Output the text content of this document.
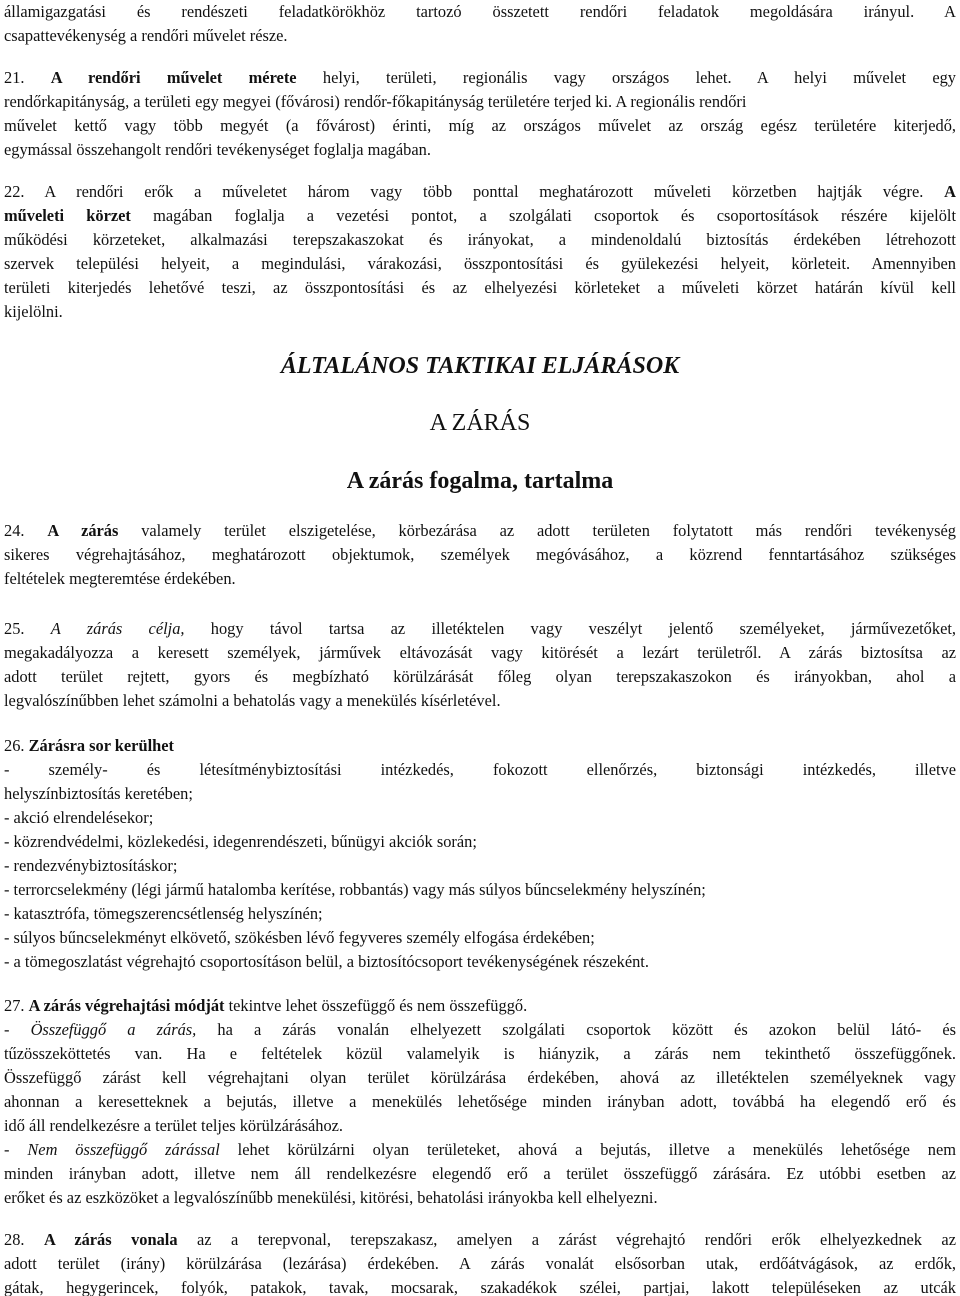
államigazgatási és rendészeti feladatkörökhöz tartozó összetett rendőri feladatok megoldására irányul. A
csapattevékenység a rendőri művelet része.
21. A rendőri művelet mérete helyi, területi, regionális vagy országos lehet. A helyi művelet egy
rendőrkapitányság, a területi egy megyei (fővárosi) rendőr-főkapitányság területére terjed ki. A regionális rendőri
művelet kettő vagy több megyét (a fővárost) érinti, míg az országos művelet az ország egész területére kiterjedő,
egymással összehangolt rendőri tevékenységet foglalja magában.
22. A rendőri erők a műveletet három vagy több ponttal meghatározott műveleti körzetben hajtják végre. A
műveleti körzet magában foglalja a vezetési pontot, a szolgálati csoportok és csoportosítások részére kijelölt
működési körzeteket, alkalmazási terepszakaszokat és irányokat, a mindenoldalú biztosítás érdekében létrehozott
szervek települési helyeit, a megindulási, várakozási, összpontosítási és gyülekezési helyeit, körleteit. Amennyiben
területi kiterjedés lehetővé teszi, az összpontosítási és az elhelyezési körleteket a műveleti körzet határán kívül kell
kijelölni.
ÁLTALÁNOS TAKTIKAI ELJÁRÁSOK
A ZÁRÁS
A zárás fogalma, tartalma
24. A zárás valamely terület elszigetelése, körbezárása az adott területen folytatott más rendőri tevékenység
sikeres végrehajtásához, meghatározott objektumok, személyek megóvásához, a közrend fenntartásához szükséges
feltételek megteremtése érdekében.
25. A zárás célja, hogy távol tartsa az illetéktelen vagy veszélyt jelentő személyeket, járművezetőket,
megakadályozza a keresett személyek, járművek eltávozását vagy kitörését a lezárt területről. A zárás biztosítsa az
adott terület rejtett, gyors és megbízható körülzárását főleg olyan terepszakaszokon és irányokban, ahol a
legvalószínűbben lehet számolni a behatolás vagy a menekülés kísérletével.
26. Zárásra sor kerülhet
- személy- és létesítménybiztosítási intézkedés, fokozott ellenőrzés, biztonsági intézkedés, illetve
helyszínbiztosítás keretében;
- akció elrendelésekor;
- közrendvédelmi, közlekedési, idegenrendészeti, bűnügyi akciók során;
- rendezvénybiztosításkor;
- terrorcselekmény (légi jármű hatalomba kerítése, robbantás) vagy más súlyos bűncselekmény helyszínén;
- katasztrófa, tömegszerencsétlenség helyszínén;
- súlyos bűncselekményt elkövető, szökésben lévő fegyveres személy elfogása érdekében;
- a tömegoszlatást végrehajtó csoportosításon belül, a biztosítócsoport tevékenységének részeként.
27. A zárás végrehajtási módját tekintve lehet összefüggő és nem összefüggő.
- Összefüggő a zárás, ha a zárás vonalán elhelyezett szolgálati csoportok között és azokon belül látó- és
tűzösszeköttetés van. Ha e feltételek közül valamelyik is hiányzik, a zárás nem tekinthető összefüggőnek.
Összefüggő zárást kell végrehajtani olyan terület körülzárása érdekében, ahová az illetéktelen személyeknek vagy
ahonnan a keresetteknek a bejutás, illetve a menekülés lehetősége minden irányban adott, továbbá ha elegendő erő és
idő áll rendelkezésre a terület teljes körülzárásához.
- Nem összefüggő zárással lehet körülzárni olyan területeket, ahová a bejutás, illetve a menekülés lehetősége nem
minden irányban adott, illetve nem áll rendelkezésre elegendő erő a terület összefüggő zárására. Ez utóbbi esetben az
erőket és az eszközöket a legvalószínűbb menekülési, kitörési, behatolási irányokba kell elhelyezni.
28. A zárás vonala az a terepvonal, terepszakasz, amelyen a zárást végrehajtó rendőri erők elhelyezkednek az
adott terület (irány) körülzárása (lezárása) érdekében. A zárás vonalát elsősorban utak, erdőátvágások, az erdők,
gátak, hegygerincek, folyók, patakok, tavak, mocsarak, szakadékok szélei, partjai, lakott településeken az utcák
